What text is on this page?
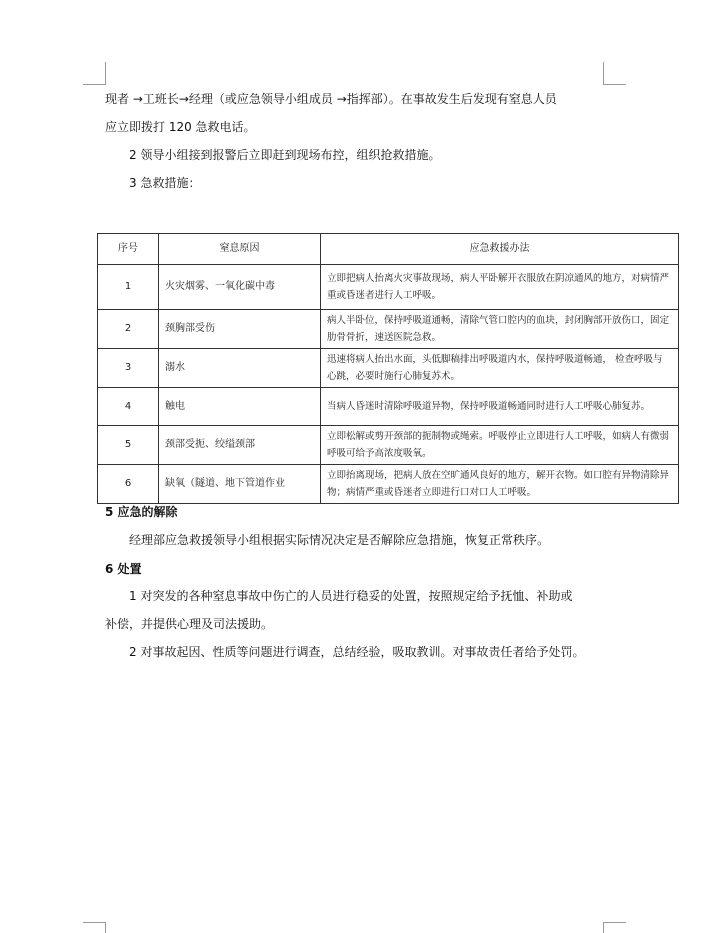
现者 →工班长→经理（或应急领导小组成员 →指挥部）。在事故发生后发现有窒息人员
应立即拨打 120 急救电话。
2 领导小组接到报警后立即赶到现场布控，组织抢救措施。
3 急救措施：
序号	窒息原因	应急救援办法
1	火灾烟雾、一氧化碳中毒	立即把病人抬离火灾事故现场，病人平卧解开衣服放在阴凉通风的地方，对病情严重或昏迷者进行人工呼吸。
2	颈胸部受伤	病人半卧位，保持呼吸道通畅，清除气管口腔内的血块，封闭胸部开放伤口，固定肋骨骨折，速送医院急救。
3	溺水	迅速将病人抬出水面，头低脚稿排出呼吸道内水，保持呼吸道畅通， 检查呼吸与心跳，必要时施行心肺复苏术。
4	触电	当病人昏迷时清除呼吸道异物，保持呼吸道畅通同时进行人工呼吸心肺复苏。
5	颈部受扼、绞缢颈部	立即松解或剪开颈部的扼制物或绳索。呼吸停止立即进行人工呼吸，如病人有微弱呼吸可给予高浓度吸氧。
6	缺氧（隧道、地下管道作业	立即抬离现场，把病人放在空旷通风良好的地方，解开衣物。如口腔有异物清除异物；病情严重或昏迷者立即进行口对口人工呼吸。
5 应急的解除
经理部应急救援领导小组根据实际情况决定是否解除应急措施，恢复正常秩序。
6 处置
1 对突发的各种窒息事故中伤亡的人员进行稳妥的处置，按照规定给予抚恤、补助或
补偿，并提供心理及司法援助。
2 对事故起因、性质等问题进行调查，总结经验，吸取教训。对事故责任者给予处罚。
